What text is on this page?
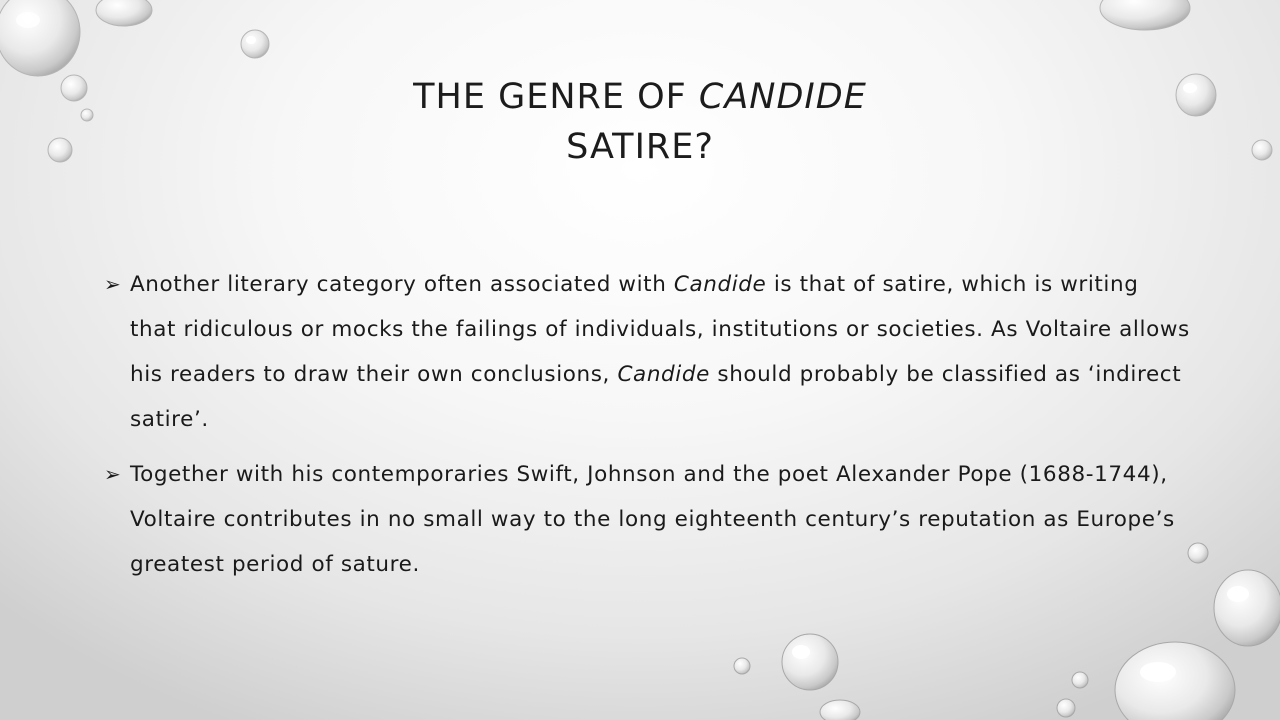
THE GENRE OF CANDIDE
SATIRE?
➢ Another literary category often associated with Candide is that of satire, which is writing that ridiculous or mocks the failings of individuals, institutions or societies. As Voltaire allows his readers to draw their own conclusions, Candide should probably be classified as ‘indirect satire’.
➢ Together with his contemporaries Swift, Johnson and the poet Alexander Pope (1688-1744), Voltaire contributes in no small way to the long eighteenth century’s reputation as Europe’s greatest period of sature.
